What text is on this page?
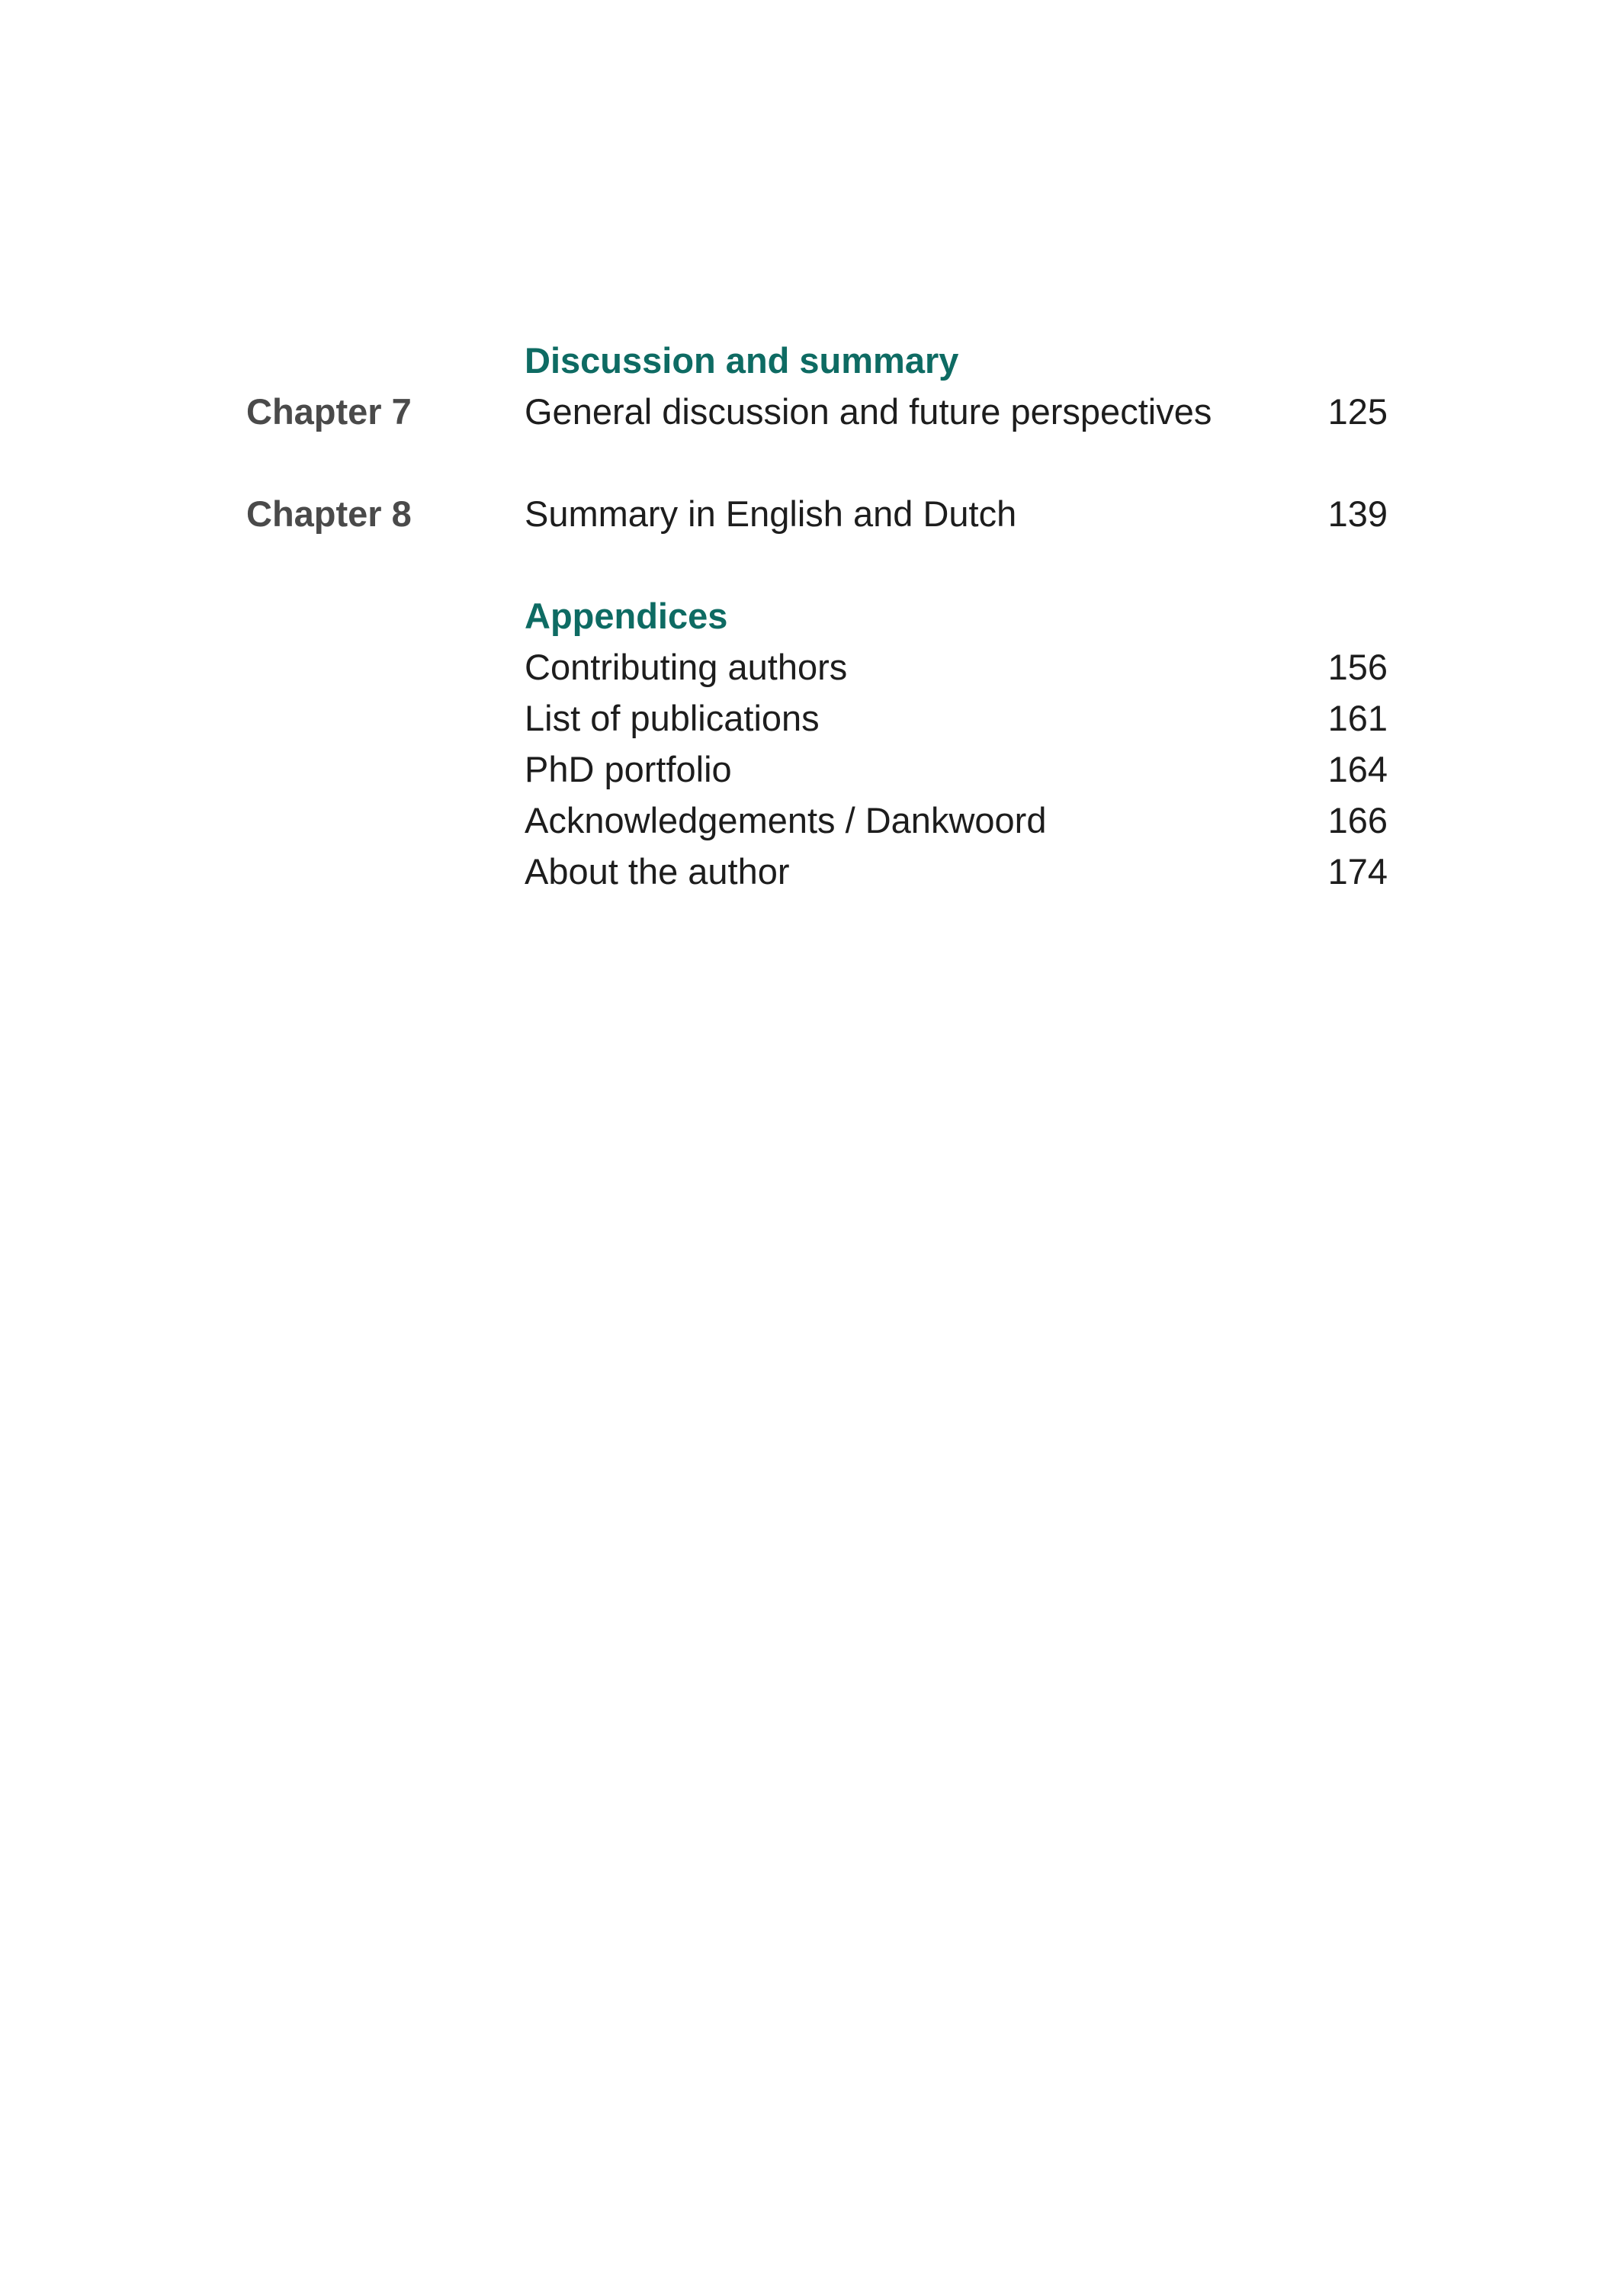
Discussion and summary
Chapter 7	General discussion and future perspectives	125
Chapter 8	Summary in English and Dutch	139
Appendices
Contributing authors	156
List of publications	161
PhD portfolio	164
Acknowledgements / Dankwoord	166
About the author	174
